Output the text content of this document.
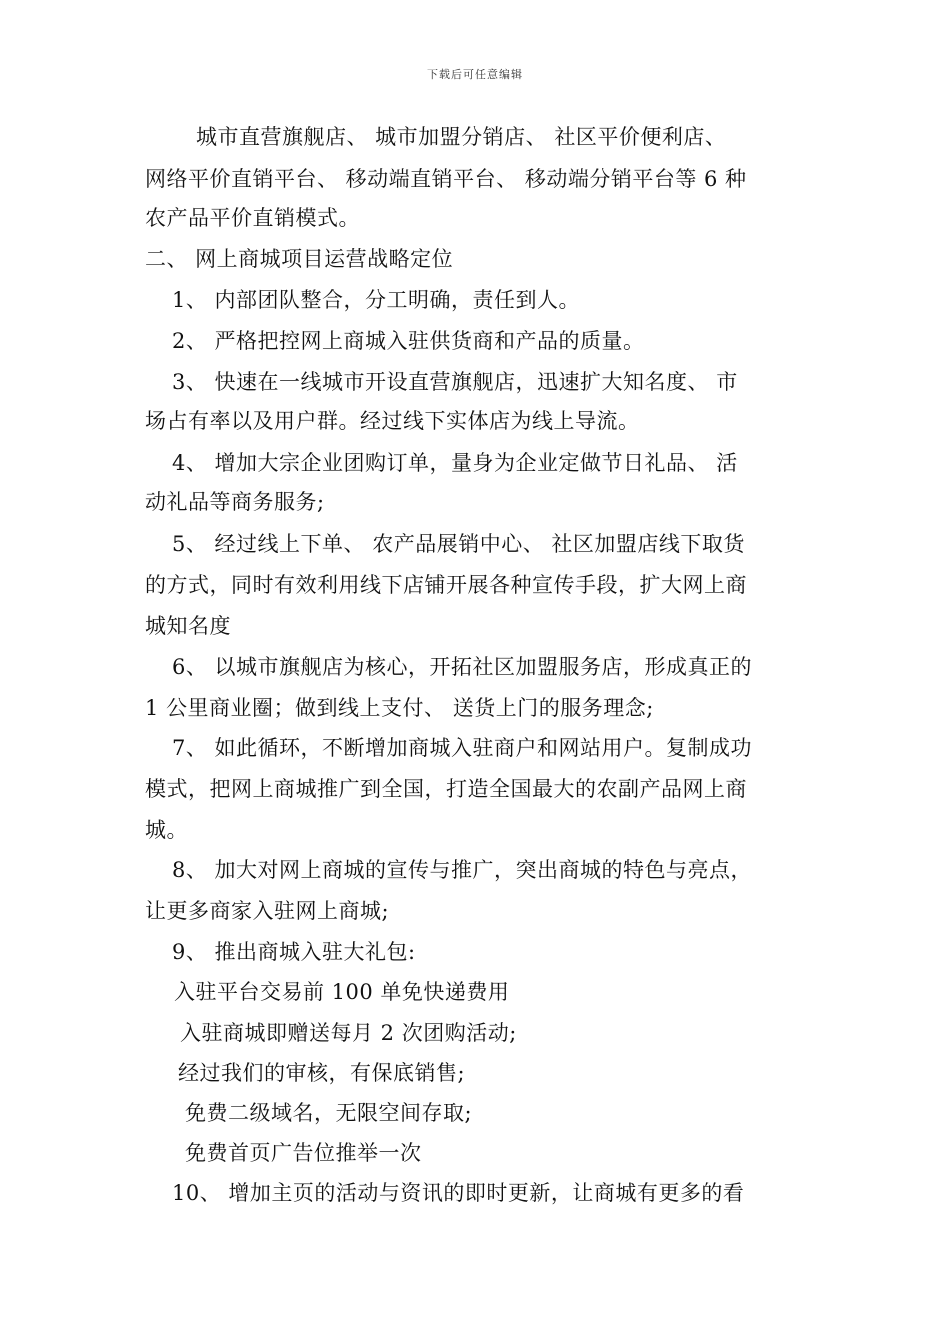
下载后可任意编辑
城市直营旗舰店、 城市加盟分销店、 社区平价便利店、
网络平价直销平台、 移动端直销平台、 移动端分销平台等 6 种
农产品平价直销模式。
二、 网上商城项目运营战略定位
1、 内部团队整合，分工明确，责任到人。
2、 严格把控网上商城入驻供货商和产品的质量。
3、 快速在一线城市开设直营旗舰店，迅速扩大知名度、 市
场占有率以及用户群。经过线下实体店为线上导流。
4、 增加大宗企业团购订单，量身为企业定做节日礼品、 活
动礼品等商务服务;
5、 经过线上下单、 农产品展销中心、 社区加盟店线下取货
的方式，同时有效利用线下店铺开展各种宣传手段，扩大网上商
城知名度
6、 以城市旗舰店为核心，开拓社区加盟服务店，形成真正的
1 公里商业圈；做到线上支付、 送货上门的服务理念;
7、 如此循环，不断增加商城入驻商户和网站用户。复制成功
模式，把网上商城推广到全国，打造全国最大的农副产品网上商
城。
8、 加大对网上商城的宣传与推广，突出商城的特色与亮点，
让更多商家入驻网上商城;
9、 推出商城入驻大礼包:
入驻平台交易前 100 单免快递费用
入驻商城即赠送每月 2 次团购活动;
经过我们的审核，有保底销售;
免费二级域名，无限空间存取;
免费首页广告位推举一次
10、 增加主页的活动与资讯的即时更新，让商城有更多的看
